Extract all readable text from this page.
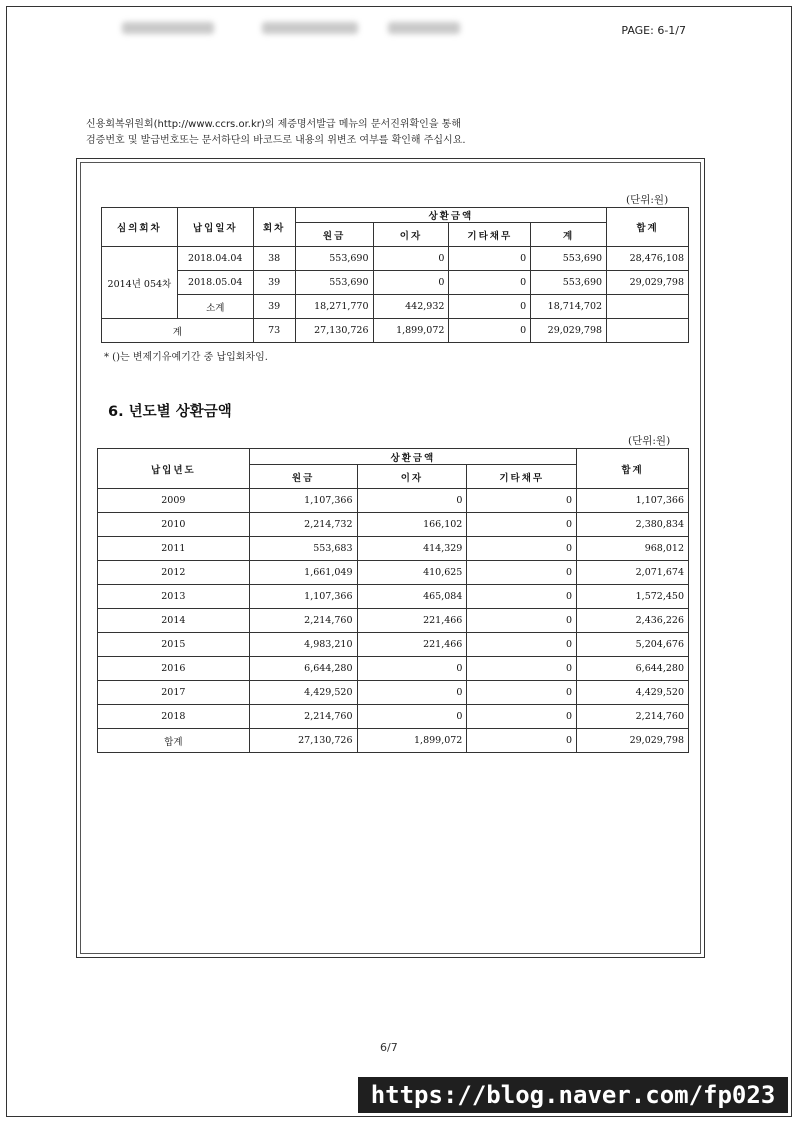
PAGE: 6-1/7
신용회복위원회(http://www.ccrs.or.kr)의 제증명서발급 메뉴의 문서진위확인을 통해
검증번호 및 발급번호또는 문서하단의 바코드로 내용의 위변조 여부를 확인해 주십시요.
(단위:원)
심의회차	납입일자	회차	상환금액				합계
			원금	이자	기타채무	계	
2014년 054차	2018.04.04	38	553,690	0	0	553,690	28,476,108
	2018.05.04	39	553,690	0	0	553,690	29,029,798
	소계	39	18,271,770	442,932	0	18,714,702	
계		73	27,130,726	1,899,072	0	29,029,798	
* ()는 변제기유예기간 중 납입회차임.
6. 년도별 상환금액
(단위:원)
납입년도	상환금액			합계
	원금	이자	기타채무	
2009	1,107,366	0	0	1,107,366
2010	2,214,732	166,102	0	2,380,834
2011	553,683	414,329	0	968,012
2012	1,661,049	410,625	0	2,071,674
2013	1,107,366	465,084	0	1,572,450
2014	2,214,760	221,466	0	2,436,226
2015	4,983,210	221,466	0	5,204,676
2016	6,644,280	0	0	6,644,280
2017	4,429,520	0	0	4,429,520
2018	2,214,760	0	0	2,214,760
합계	27,130,726	1,899,072	0	29,029,798
6/7
https://blog.naver.com/fp023
